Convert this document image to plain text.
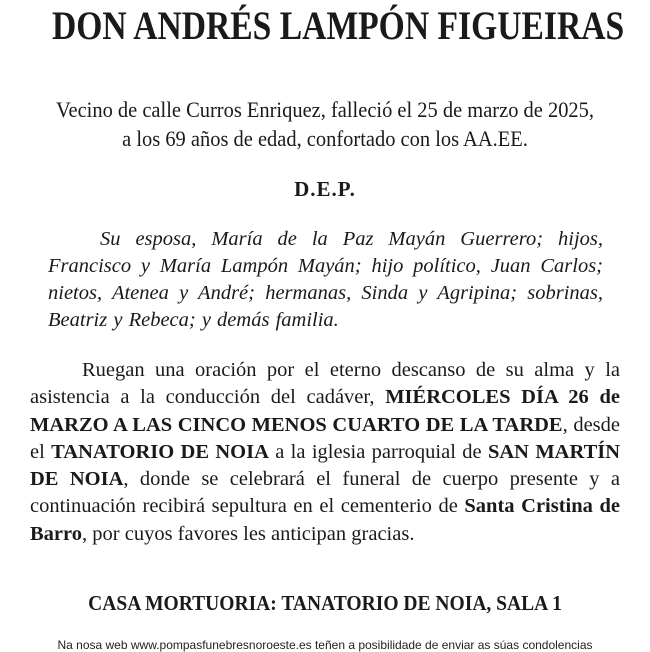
DON ANDRÉS LAMPÓN FIGUEIRAS
Vecino de calle Curros Enriquez, falleció el 25 de marzo de 2025,
a los 69 años de edad, confortado con los AA.EE.
D.E.P.
Su esposa, María de la Paz Mayán Guerrero; hijos, Francisco y María Lampón Mayán; hijo político, Juan Carlos; nietos, Atenea y André; hermanas, Sinda y Agripina; sobrinas, Beatriz y Rebeca; y demás familia.
Ruegan una oración por el eterno descanso de su alma y la asistencia a la conducción del cadáver, MIÉRCOLES DÍA 26 de MARZO A LAS CINCO MENOS CUARTO DE LA TARDE, desde el TANATORIO DE NOIA a la iglesia parroquial de SAN MARTÍN DE NOIA, donde se celebrará el funeral de cuerpo presente y a continuación recibirá sepultura en el cementerio de Santa Cristina de Barro, por cuyos favores les anticipan gracias.
CASA MORTUORIA: TANATORIO DE NOIA, SALA 1
Na nosa web www.pompasfunebresnoroeste.es teñen a posibilidade de enviar as súas condolencias
